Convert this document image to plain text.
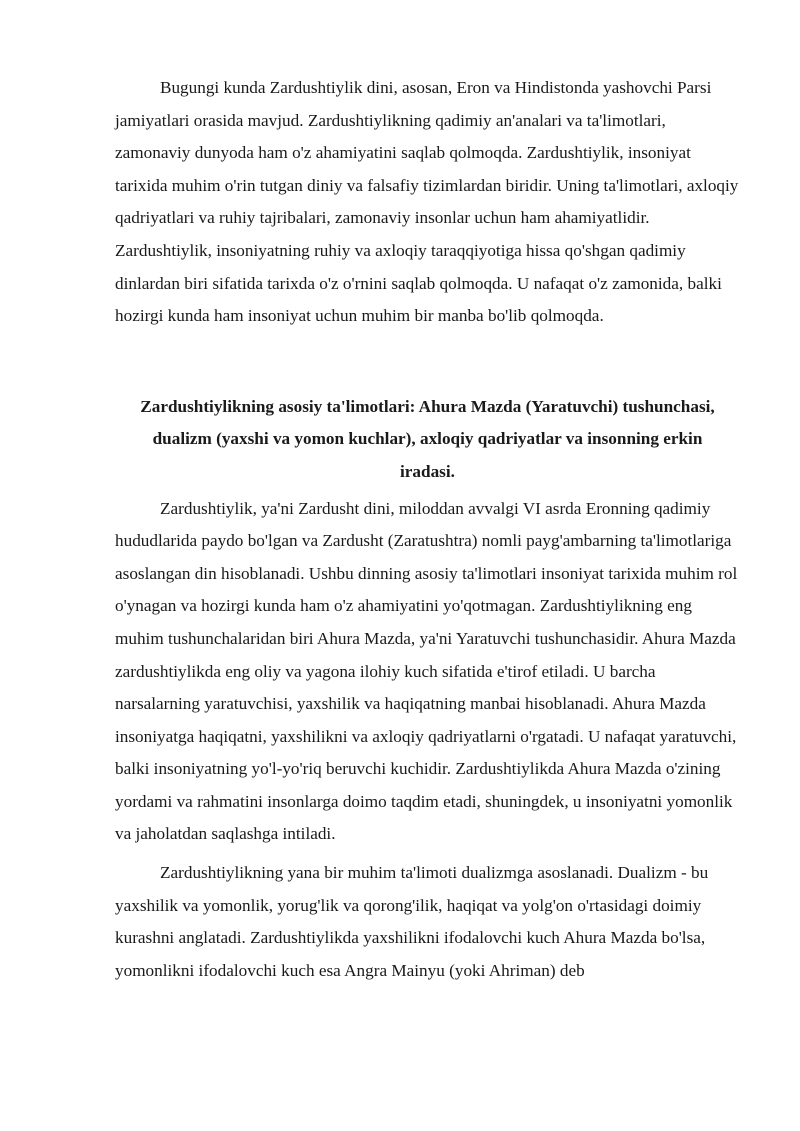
Bugungi kunda Zardushtiylik dini, asosan, Eron va Hindistonda yashovchi Parsi jamiyatlari orasida mavjud. Zardushtiylikning qadimiy an'analari va ta'limotlari, zamonaviy dunyoda ham o'z ahamiyatini saqlab qolmoqda. Zardushtiylik, insoniyat tarixida muhim o'rin tutgan diniy va falsafiy tizimlardan biridir. Uning ta'limotlari, axloqiy qadriyatlari va ruhiy tajribalari, zamonaviy insonlar uchun ham ahamiyatlidir. Zardushtiylik, insoniyatning ruhiy va axloqiy taraqqiyotiga hissa qo'shgan qadimiy dinlardan biri sifatida tarixda o'z o'rnini saqlab qolmoqda. U nafaqat o'z zamonida, balki hozirgi kunda ham insoniyat uchun muhim bir manba bo'lib qolmoqda.

Zardushtiylikning asosiy ta'limotlari: Ahura Mazda (Yaratuvchi) tushunchasi, dualizm (yaxshi va yomon kuchlar), axloqiy qadriyatlar va insonning erkin iradasi.

Zardushtiylik, ya'ni Zardusht dini, miloddan avvalgi VI asrda Eronning qadimiy hududlarida paydo bo'lgan va Zardusht (Zaratushtra) nomli payg'ambarning ta'limotlariga asoslangan din hisoblanadi. Ushbu dinning asosiy ta'limotlari insoniyat tarixida muhim rol o'ynagan va hozirgi kunda ham o'z ahamiyatini yo'qotmagan. Zardushtiylikning eng muhim tushunchalaridan biri Ahura Mazda, ya'ni Yaratuvchi tushunchasidir. Ahura Mazda zardushtiylikda eng oliy va yagona ilohiy kuch sifatida e'tirof etiladi. U barcha narsalarning yaratuvchisi, yaxshilik va haqiqatning manbai hisoblanadi. Ahura Mazda insoniyatga haqiqatni, yaxshilikni va axloqiy qadriyatlarni o'rgatadi. U nafaqat yaratuvchi, balki insoniyatning yo'l-yo'riq beruvchi kuchidir. Zardushtiylikda Ahura Mazda o'zining yordami va rahmatini insonlarga doimo taqdim etadi, shuningdek, u insoniyatni yomonlik va jaholatdan saqlashga intiladi.

Zardushtiylikning yana bir muhim ta'limoti dualizmga asoslanadi. Dualizm - bu yaxshilik va yomonlik, yorug'lik va qorong'ilik, haqiqat va yolg'on o'rtasidagi doimiy kurashni anglatadi. Zardushtiylikda yaxshilikni ifodalovchi kuch Ahura Mazda bo'lsa, yomonlikni ifodalovchi kuch esa Angra Mainyu (yoki Ahriman) deb
